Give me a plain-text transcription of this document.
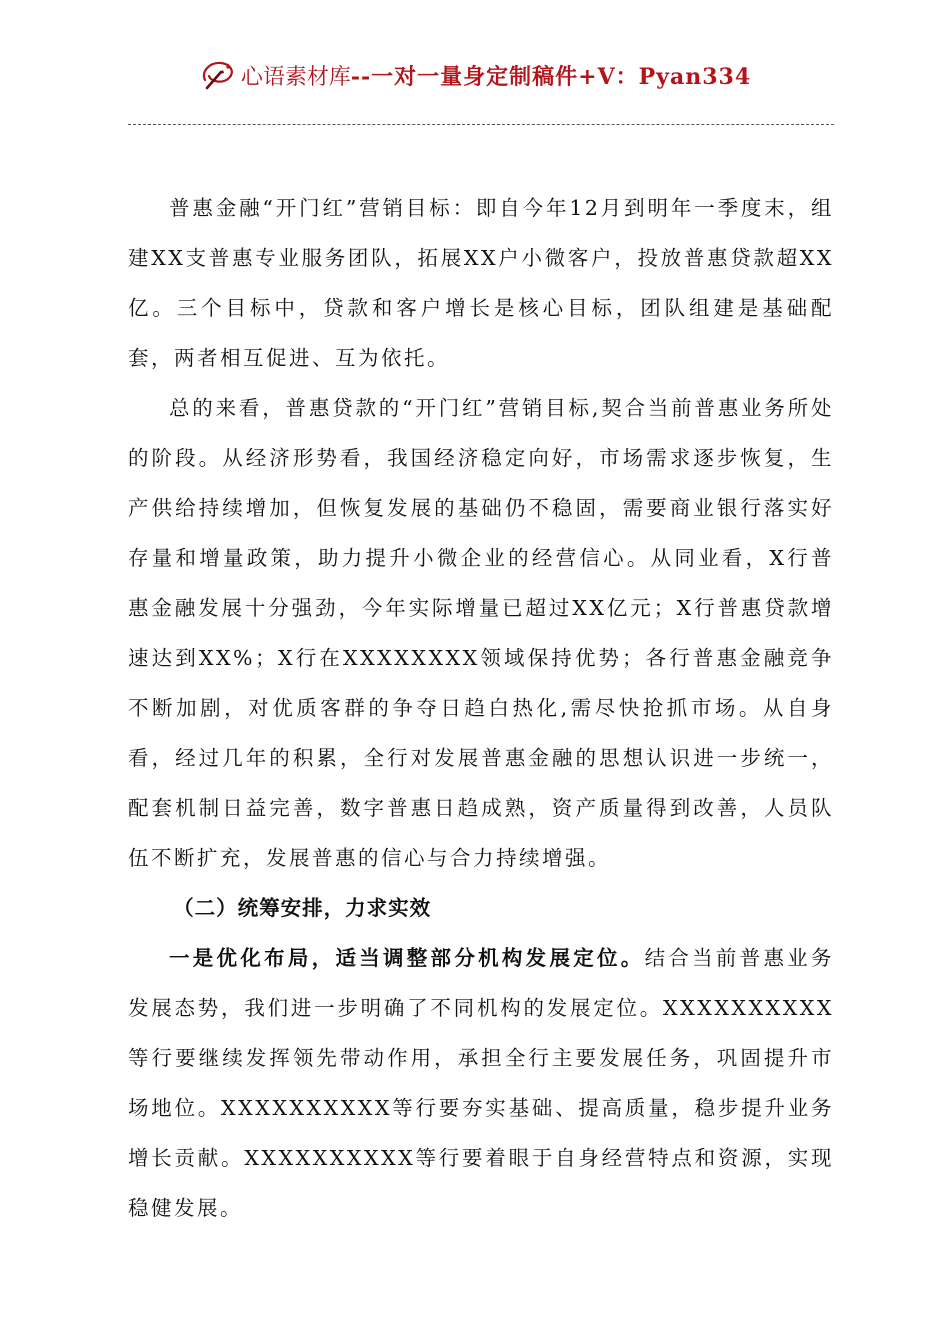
心语素材库--一对一量身定制稿件+V：Pyan334

普惠金融“开门红”营销目标：即自今年12月到明年一季度末，组建XX支普惠专业服务团队，拓展XX户小微客户，投放普惠贷款超XX亿。三个目标中，贷款和客户增长是核心目标，团队组建是基础配套，两者相互促进、互为依托。

总的来看，普惠贷款的“开门红”营销目标,契合当前普惠业务所处的阶段。从经济形势看，我国经济稳定向好，市场需求逐步恢复，生产供给持续增加，但恢复发展的基础仍不稳固，需要商业银行落实好存量和增量政策，助力提升小微企业的经营信心。从同业看，X行普惠金融发展十分强劲，今年实际增量已超过XX亿元；X行普惠贷款增速达到XX%；X行在XXXXXXXX领域保持优势；各行普惠金融竞争不断加剧，对优质客群的争夺日趋白热化,需尽快抢抓市场。从自身看，经过几年的积累，全行对发展普惠金融的思想认识进一步统一，配套机制日益完善，数字普惠日趋成熟，资产质量得到改善，人员队伍不断扩充，发展普惠的信心与合力持续增强。

（二）统筹安排，力求实效

一是优化布局，适当调整部分机构发展定位。结合当前普惠业务发展态势，我们进一步明确了不同机构的发展定位。XXXXXXXXXX等行要继续发挥领先带动作用，承担全行主要发展任务，巩固提升市场地位。XXXXXXXXXX等行要夯实基础、提高质量，稳步提升业务增长贡献。XXXXXXXXXX等行要着眼于自身经营特点和资源，实现稳健发展。
